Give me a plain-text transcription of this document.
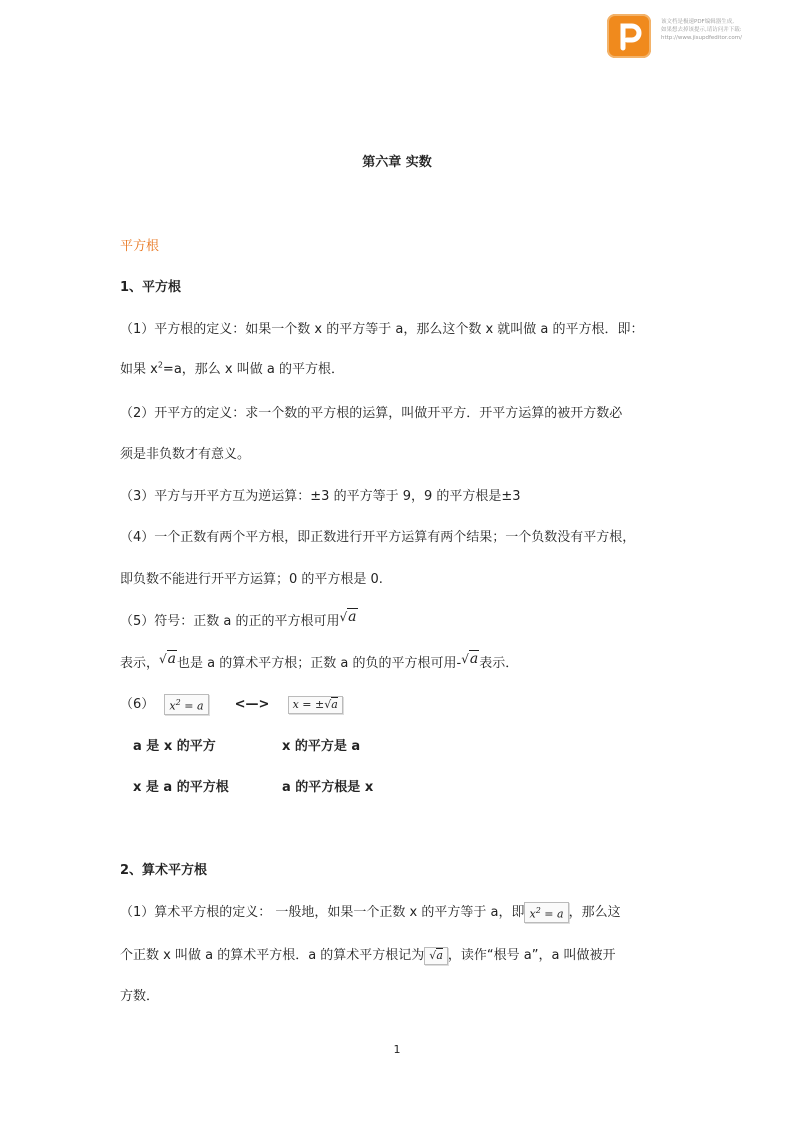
该文档是极速PDF编辑器生成,
如果想去掉该提示,请访问并下载:
http://www.jisupdfeditor.com/
第六章 实数
平方根
1、平方根
（1）平方根的定义：如果一个数 x 的平方等于 a，那么这个数 x 就叫做 a 的平方根．即：
如果 $x^2=a$，那么 x 叫做 a 的平方根．
（2）开平方的定义：求一个数的平方根的运算，叫做开平方．开平方运算的被开方数必
须是非负数才有意义。
（3）平方与开平方互为逆运算：±3 的平方等于 9，9 的平方根是±3
（4）一个正数有两个平方根，即正数进行开平方运算有两个结果；一个负数没有平方根，
即负数不能进行开平方运算；0 的平方根是 0.
（5）符号：正数 a 的正的平方根可用√a
表示，√a也是 a 的算术平方根；正数 a 的负的平方根可用-√a表示．
（6） $x^2 = a$ <—> x = ±√a
a 是 x 的平方	x 的平方是 a
x 是 a 的平方根	a 的平方根是 x
2、算术平方根
（1）算术平方根的定义： 一般地，如果一个正数 x 的平方等于 a，即 $x^2 = a$ ，那么这
个正数 x 叫做 a 的算术平方根．a 的算术平方根记为 √a ，读作“根号 a”，a 叫做被开
方数．
1
